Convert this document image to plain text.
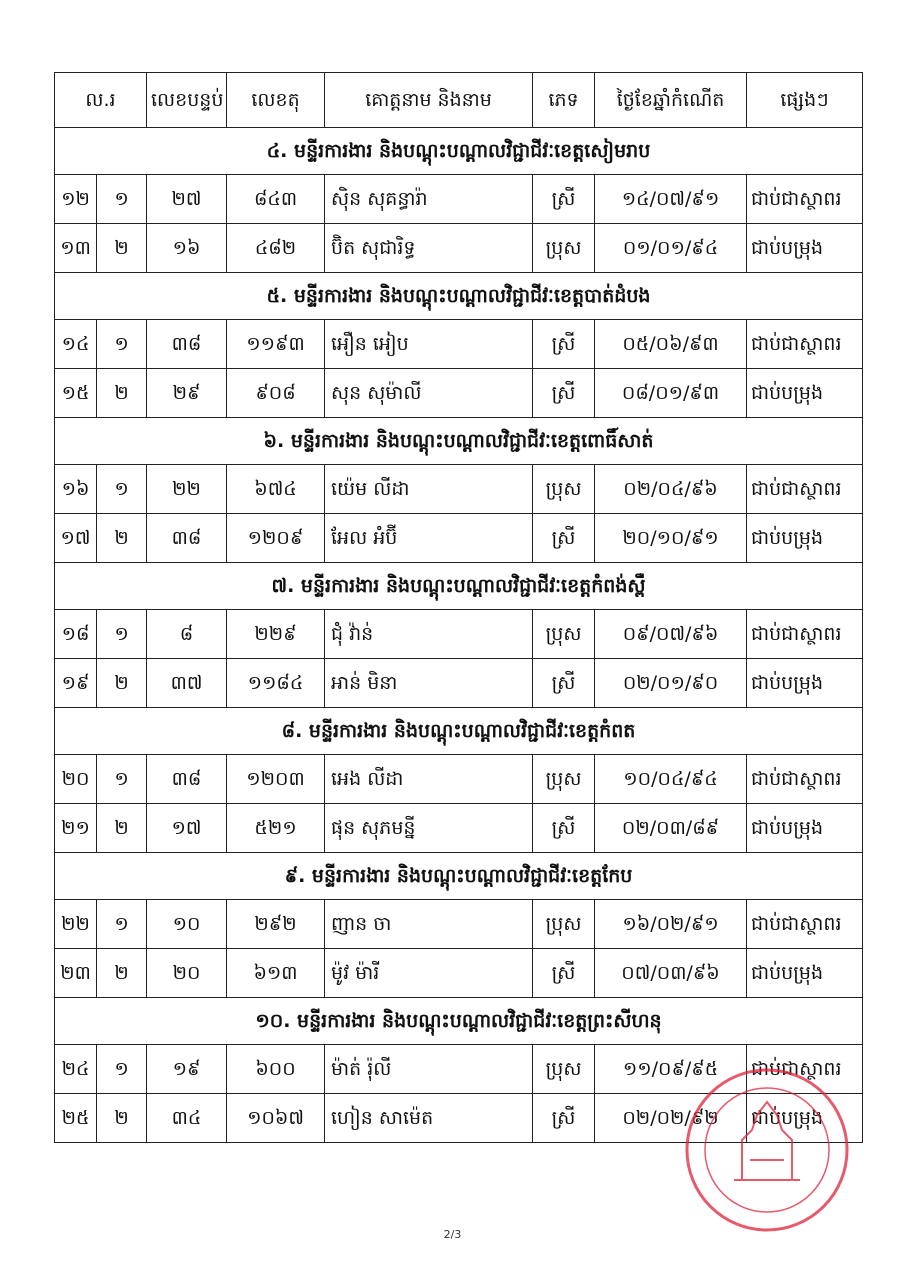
ល.រ		លេខបន្ទប់	លេខតុ	គោត្តនាម និងនាម	ភេទ	ថ្ងៃខែឆ្នាំកំណើត	ផ្សេងៗ
៤. មន្ទីរការងារ និងបណ្តុះបណ្តាលវិជ្ជាជីវៈខេត្តសៀមរាប							
១២	១	២៧	៨៤៣	ស៊ិន សុគន្ធារ៉ា	ស្រី	១៤/០៧/៩១	ជាប់ជាស្ថាពរ
១៣	២	១៦	៤៨២	ប៊ិត សុជារិទ្ធ	ប្រុស	០១/០១/៩៤	ជាប់បម្រុង
៥. មន្ទីរការងារ និងបណ្តុះបណ្តាលវិជ្ជាជីវៈខេត្តបាត់ដំបង							
១៤	១	៣៨	១១៩៣	អឿន អៀប	ស្រី	០៥/០៦/៩៣	ជាប់ជាស្ថាពរ
១៥	២	២៩	៩០៨	សុន សុម៉ាលី	ស្រី	០៨/០១/៩៣	ជាប់បម្រុង
៦. មន្ទីរការងារ និងបណ្តុះបណ្តាលវិជ្ជាជីវៈខេត្តពោធិ៍សាត់							
១៦	១	២២	៦៧៤	យ៉េម លីដា	ប្រុស	០២/០៤/៩៦	ជាប់ជាស្ថាពរ
១៧	២	៣៨	១២០៩	អែល អំប៊ី	ស្រី	២០/១០/៩១	ជាប់បម្រុង
៧. មន្ទីរការងារ និងបណ្តុះបណ្តាលវិជ្ជាជីវៈខេត្តកំពង់ស្ពឺ							
១៨	១	៨	២២៩	ជុំ វ៉ាន់	ប្រុស	០៩/០៧/៩៦	ជាប់ជាស្ថាពរ
១៩	២	៣៧	១១៨៤	អាន់ មិនា	ស្រី	០២/០១/៩០	ជាប់បម្រុង
៨. មន្ទីរការងារ និងបណ្តុះបណ្តាលវិជ្ជាជីវៈខេត្តកំពត							
២០	១	៣៨	១២០៣	អេង លីដា	ប្រុស	១០/០៤/៩៤	ជាប់ជាស្ថាពរ
២១	២	១៧	៥២១	ផុន សុភមន្នី	ស្រី	០២/០៣/៨៩	ជាប់បម្រុង
៩. មន្ទីរការងារ និងបណ្តុះបណ្តាលវិជ្ជាជីវៈខេត្តកែប							
២២	១	១០	២៩២	ញាន ចា	ប្រុស	១៦/០២/៩១	ជាប់ជាស្ថាពរ
២៣	២	២០	៦១៣	ម៉ូវ ម៉ារី	ស្រី	០៧/០៣/៩៦	ជាប់បម្រុង
១០. មន្ទីរការងារ និងបណ្តុះបណ្តាលវិជ្ជាជីវៈខេត្តព្រះសីហនុ							
២៤	១	១៩	៦០០	ម៉ាត់ រ៉ុលី	ប្រុស	១១/០៩/៩៥	ជាប់ជាស្ថាពរ
២៥	២	៣៤	១០៦៧	ហៀន សាម៉េត	ស្រី	០២/០២/៩២	ជាប់បម្រុង
2/3
